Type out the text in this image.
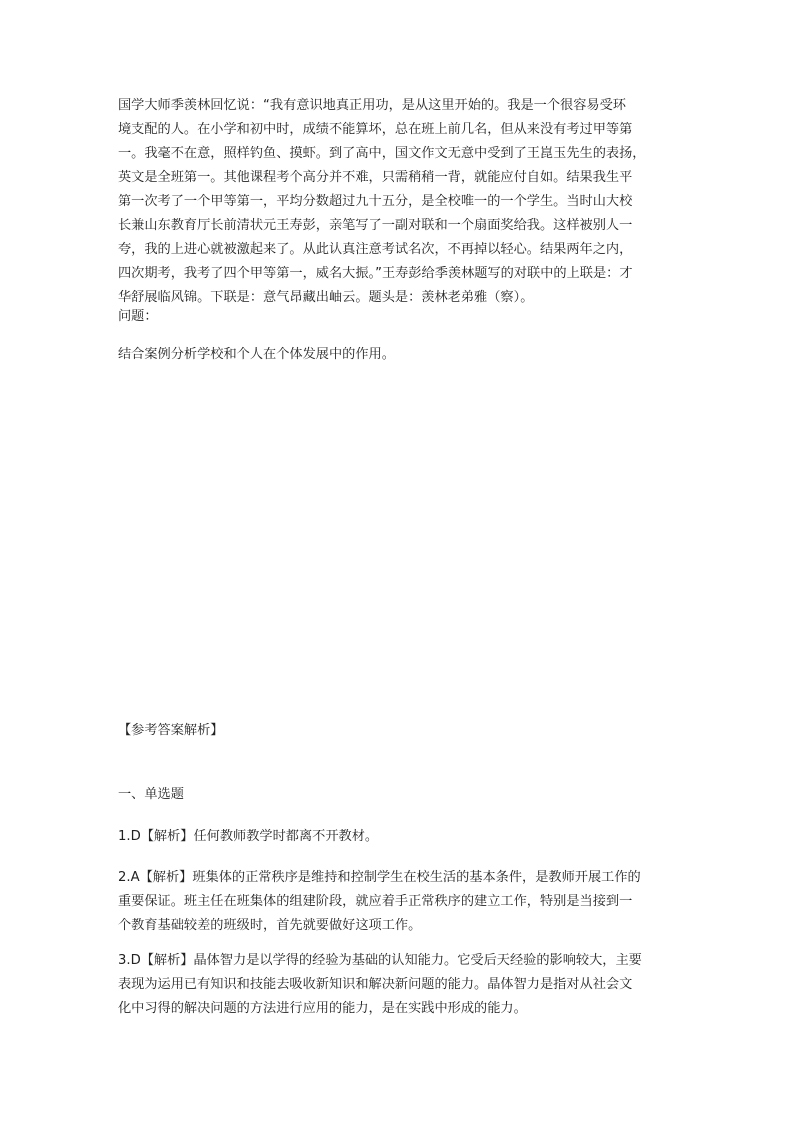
国学大师季羡林回忆说：“我有意识地真正用功，是从这里开始的。我是一个很容易受环
境支配的人。在小学和初中时，成绩不能算坏，总在班上前几名，但从来没有考过甲等第
一。我毫不在意，照样钓鱼、摸虾。到了高中，国文作文无意中受到了王崑玉先生的表扬，
英文是全班第一。其他课程考个高分并不难，只需稍稍一背，就能应付自如。结果我生平
第一次考了一个甲等第一，平均分数超过九十五分，是全校唯一的一个学生。当时山大校
长兼山东教育厅长前清状元王寿彭，亲笔写了一副对联和一个扇面奖给我。这样被别人一
夸，我的上进心就被激起来了。从此认真注意考试名次，不再掉以轻心。结果两年之内，
四次期考，我考了四个甲等第一，威名大振。”王寿彭给季羡林题写的对联中的上联是：才
华舒展临风锦。下联是：意气昂藏出岫云。题头是：羡林老弟雅（察）。

问题：

结合案例分析学校和个人在个体发展中的作用。

【参考答案解析】

一、单选题

1.D【解析】任何教师教学时都离不开教材。
2.A【解析】班集体的正常秩序是维持和控制学生在校生活的基本条件，是教师开展工作的
重要保证。班主任在班集体的组建阶段，就应着手正常秩序的建立工作，特别是当接到一
个教育基础较差的班级时，首先就要做好这项工作。
3.D【解析】晶体智力是以学得的经验为基础的认知能力。它受后天经验的影响较大，主要
表现为运用已有知识和技能去吸收新知识和解决新问题的能力。晶体智力是指对从社会文
化中习得的解决问题的方法进行应用的能力，是在实践中形成的能力。
